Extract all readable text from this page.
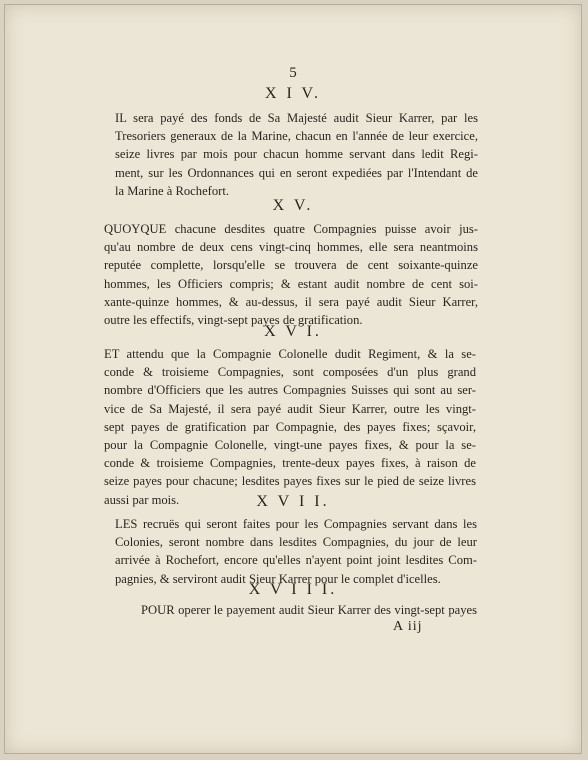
5
X I V.
IL sera payé des fonds de Sa Majesté audit Sieur Karrer, par les
Tresoriers generaux de la Marine, chacun en l'année de leur exercice,
seize livres par mois pour chacun homme servant dans ledit Regi-
ment, sur les Ordonnances qui en seront expediées par l'Intendant de
la Marine à Rochefort.
X V.
QUOYQUE chacune desdites quatre Compagnies puisse avoir jus-
qu'au nombre de deux cens vingt-cinq hommes, elle sera neantmoins
reputée complette, lorsqu'elle se trouvera de cent soixante-quinze
hommes, les Officiers compris; & estant audit nombre de cent soi-
xante-quinze hommes, & au-dessus, il sera payé audit Sieur Karrer,
outre les effectifs, vingt-sept payes de gratification.
X V I.
ET attendu que la Compagnie Colonelle dudit Regiment, & la se-
conde & troisieme Compagnies, sont composées d'un plus grand
nombre d'Officiers que les autres Compagnies Suisses qui sont au ser-
vice de Sa Majesté, il sera payé audit Sieur Karrer, outre les vingt-
sept payes de gratification par Compagnie, des payes fixes; sçavoir,
pour la Compagnie Colonelle, vingt-une payes fixes, & pour la se-
conde & troisieme Compagnies, trente-deux payes fixes, à raison de
seize payes pour chacune; lesdites payes fixes sur le pied de seize livres
aussi par mois.	X V I I.
LES recruës qui seront faites pour les Compagnies servant dans les
Colonies, seront nombre dans lesdites Compagnies, du jour de leur
arrivée à Rochefort, encore qu'elles n'ayent point joint lesdites Com-
pagnies, & serviront audit Sieur Karrer pour le complet d'icelles.
X V I I I.
POUR operer le payement audit Sieur Karrer des vingt-sept payes
A iij
